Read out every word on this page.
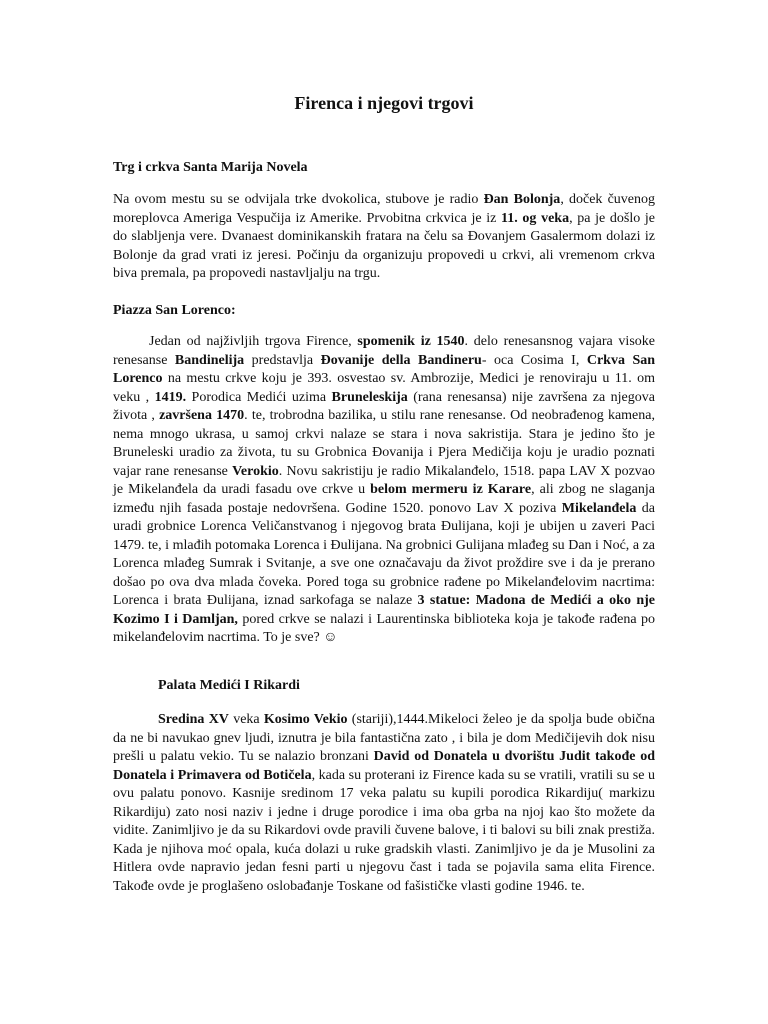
Firenca i njegovi trgovi
Trg i crkva Santa Marija Novela

Na ovom mestu su se odvijala trke dvokolica, stubove je radio Đan Bolonja, doček čuvenog moreplovca Ameriga Vespučija iz Amerike. Prvobitna crkvica je iz 11. og veka, pa je došlo je do slabljenja vere. Dvanaest dominikanskih fratara na čelu sa Đovanjem Gasalermom dolazi iz Bolonje da grad vrati iz jeresi. Počinju da organizuju propovedi u crkvi, ali vremenom crkva biva premala, pa propovedi nastavljalju na trgu.

Piazza San Lorenco:

Jedan od najživljih trgova Firence, spomenik iz 1540. delo renesansnog vajara visoke renesanse Bandinelija predstavlja Đovanije della Bandineru- oca Cosima I, Crkva San Lorenco na mestu crkve koju je 393. osvestao sv. Ambrozije, Medici je renoviraju u 11. om veku , 1419. Porodica Medići uzima Bruneleskija (rana renesansa) nije završena za njegova života , završena 1470. te, trobrodna bazilika, u stilu rane renesanse. Od neobrađenog kamena, nema mnogo ukrasa, u samoj crkvi nalaze se stara i nova sakristija. Stara je jedino što je Bruneleski uradio za života, tu su Grobnica Đovanija i Pjera Medičija koju je uradio poznati vajar rane renesanse Verokio. Novu sakristiju je radio Mikalanđelo, 1518. papa LAV X pozvao je Mikelanđela da uradi fasadu ove crkve u belom mermeru iz Karare, ali zbog ne slaganja između njih fasada postaje nedovršena. Godine 1520. ponovo Lav X poziva Mikelanđela da uradi grobnice Lorenca Veličanstvanog i njegovog brata Đulijana, koji je ubijen u zaveri Paci 1479. te, i mlađih potomaka Lorenca i Đulijana. Na grobnici Gulijana mlađeg su Dan i Noć, a za Lorenca mlađeg Sumrak i Svitanje, a sve one označavaju da život proždire sve i da je prerano došao po ova dva mlada čoveka. Pored toga su grobnice rađene po Mikelanđelovim nacrtima: Lorenca i brata Đulijana, iznad sarkofaga se nalaze 3 statue: Madona de Medići a oko nje Kozimo I i Damljan, pored crkve se nalazi i Laurentinska biblioteka koja je takođe rađena po mikelanđelovim nacrtima. To je sve? ☺

Palata Medići I Rikardi

Sredina XV veka Kosimo Vekio (stariji),1444.Mikeloci želeo je da spolja bude obična da ne bi navukao gnev ljudi, iznutra je bila fantastična zato , i bila je dom Medičijevih dok nisu prešli u palatu vekio. Tu se nalazio bronzani David od Donatela u dvorištu Judit takođe od Donatela i Primavera od Botičela, kada su proterani iz Firence kada su se vratili, vratili su se u ovu palatu ponovo. Kasnije sredinom 17 veka palatu su kupili porodica Rikardiju( markizu Rikardiju) zato nosi naziv i jedne i druge porodice i ima oba grba na njoj kao što možete da vidite. Zanimljivo je da su Rikardovi ovde pravili čuvene balove, i ti balovi su bili znak prestiža. Kada je njihova moć opala, kuća dolazi u ruke gradskih vlasti. Zanimljivo je da je Musolini za Hitlera ovde napravio jedan fesni parti u njegovu čast i tada se pojavila sama elita Firence. Takođe ovde je proglašeno oslobađanje Toskane od fašističke vlasti godine 1946. te.
